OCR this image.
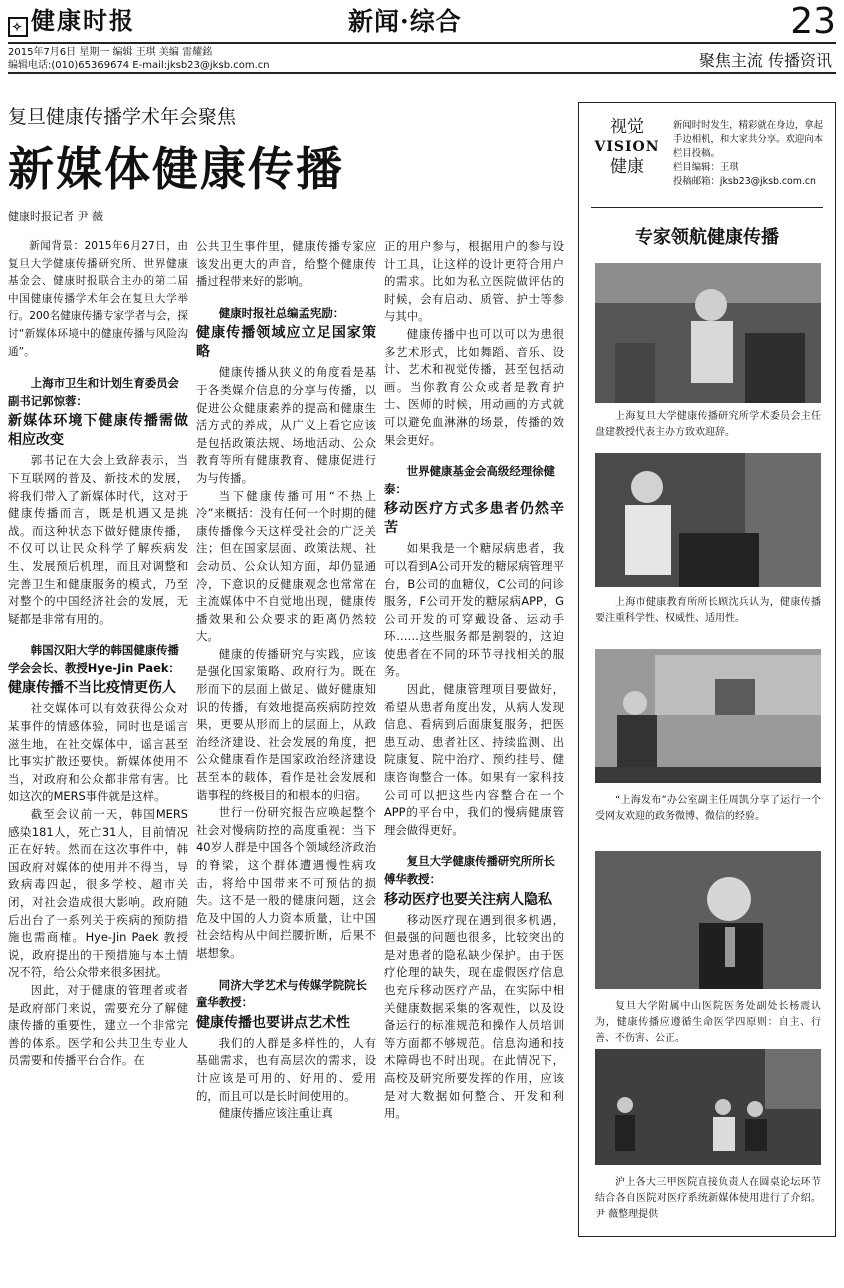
✧ 健康时报	新闻·综合	23
2015年7月6日 星期一 编辑 王琪 美编 雷耀銘
编辑电话:(010)65369674 E-mail:jksb23@jksb.com.cn	聚焦主流 传播资讯
复旦健康传播学术年会聚焦
新媒体健康传播
健康时报记者 尹 薇

新闻背景：2015年6月27日，由复旦大学健康传播研究所、世界健康基金会、健康时报联合主办的第二届中国健康传播学术年会在复旦大学举行。200名健康传播专家学者与会，探讨“新媒体环境中的健康传播与风险沟通”。

上海市卫生和计划生育委员会副书记郭惊蓉：

新媒体环境下健康传播需做相应改变

郭书记在大会上致辞表示，当下互联网的普及、新技术的发展，将我们带入了新媒体时代，这对于健康传播而言，既是机遇又是挑战。而这种状态下做好健康传播，不仅可以让民众科学了解疾病发生、发展预后机理，而且对调整和完善卫生和健康服务的模式，乃至对整个的中国经济社会的发展，无疑都是非常有用的。

韩国汉阳大学的韩国健康传播学会会长、教授Hye-Jin Paek：

健康传播不当比疫情更伤人

社交媒体可以有效获得公众对某事件的情感体验，同时也是谣言滋生地，在社交媒体中，谣言甚至比事实扩散还要快。新媒体使用不当，对政府和公众都非常有害。比如这次的MERS事件就是这样。

截至会议前一天，韩国MERS感染181人，死亡31人，目前情况正在好转。然而在这次事件中，韩国政府对媒体的使用并不得当，导致病毒四起，很多学校、超市关闭，对社会造成很大影响。政府随后出台了一系列关于疾病的预防措施也需商榷。Hye-Jin Paek 教授说，政府提出的干预措施与本土情况不符，给公众带来很多困扰。

因此，对于健康的管理者或者是政府部门来说，需要充分了解健康传播的重要性，建立一个非常完善的体系。医学和公共卫生专业人员需要和传播平台合作。在

公共卫生事件里，健康传播专家应该发出更大的声音，给整个健康传播过程带来好的影响。

健康时报社总编孟宪励：

健康传播领域应立足国家策略

健康传播从狭义的角度看是基于各类媒介信息的分享与传播，以促进公众健康素养的提高和健康生活方式的养成，从广义上看它应该是包括政策法规、场地活动、公众教育等所有健康教育、健康促进行为与传播。

当下健康传播可用“不热上冷”来概括：没有任何一个时期的健康传播像今天这样受社会的广泛关注；但在国家层面、政策法规、社会动员、公众认知方面，却仍显通冷，下意识的反健康观念也常常在主流媒体中不自觉地出现，健康传播效果和公众要求的距离仍然较大。

健康的传播研究与实践，应该是强化国家策略、政府行为。既在形而下的层面上做足、做好健康知识的传播，有效地提高疾病防控效果，更要从形而上的层面上，从政治经济建设、社会发展的角度，把公众健康看作是国家政治经济建设甚至本的载体，看作是社会发展和谐事程的终极目的和根本的归宿。

世行一份研究报告应唤起整个社会对慢病防控的高度重视：当下40岁人群是中国各个领域经济政治的脊梁，这个群体遭遇慢性病攻击，将给中国带来不可预估的损失。这不是一般的健康问题，这会危及中国的人力资本质量，让中国社会结构从中间拦腰折断，后果不堪想象。

同济大学艺术与传媒学院院长童华教授：

健康传播也要讲点艺术性

我们的人群是多样性的，人有基础需求，也有高层次的需求，设计应该是可用的、好用的、爱用的，而且可以是长时间使用的。

健康传播应该注重让真

正的用户参与，根据用户的参与设计工具，让这样的设计更符合用户的需求。比如为私立医院做评估的时候，会有启动、质管、护士等参与其中。

健康传播中也可以可以为患很多艺术形式，比如舞蹈、音乐、设计、艺术和视觉传播，甚至包括动画。当你教育公众或者是教育护士、医师的时候，用动画的方式就可以避免血淋淋的场景，传播的效果会更好。

世界健康基金会高级经理徐健泰：

移动医疗方式多患者仍然辛苦

如果我是一个糖尿病患者，我可以看到A公司开发的糖尿病管理平台，B公司的血糖仪，C公司的问诊服务，F公司开发的糖尿病APP，G公司开发的可穿戴设备、运动手环……这些服务都是割裂的，这迫使患者在不同的环节寻找相关的服务。

因此，健康管理项目要做好，希望从患者角度出发，从病人发现信息、看病到后面康复服务，把医患互动、患者社区、持续监测、出院康复、院中治疗、预约挂号、健康咨询整合一体。如果有一家科技公司可以把这些内容整合在一个APP的平台中，我们的慢病健康管理会做得更好。

复旦大学健康传播研究所所长傅华教授：

移动医疗也要关注病人隐私

移动医疗现在遇到很多机遇，但最强的问题也很多，比较突出的是对患者的隐私缺少保护。由于医疗伦理的缺失，现在虚假医疗信息也充斥移动医疗产品，在实际中相关健康数据采集的客观性，以及设备运行的标准规范和操作人员培训等方面都不够规范。信息沟通和技术障碍也不时出现。在此情况下，高校及研究所要发挥的作用，应该是对大数据如何整合、开发和利用。

视觉
VISION
健康
新闻时时发生，精彩就在身边，拿起手边相机，和大家共分享。欢迎向本栏目投稿。
栏目编辑：王琪
投稿邮箱：jksb23@jksb.com.cn
专家领航健康传播

上海复旦大学健康传播研究所学术委员会主任盘建教授代表主办方致欢迎辞。

上海市健康教育所所长顾沈兵认为，健康传播要注重科学性、权威性、适用性。

“上海发布”办公室副主任周凯分享了运行一个受网友欢迎的政务微博、微信的经验。

复旦大学附属中山医院医务处副处长杨震认为，健康传播应遵循生命医学四原则：自主、行善、不伤害、公正。

沪上各大三甲医院直接负责人在圆桌论坛环节结合各自医院对医疗系统新媒体使用进行了介绍。尹 薇整理提供
